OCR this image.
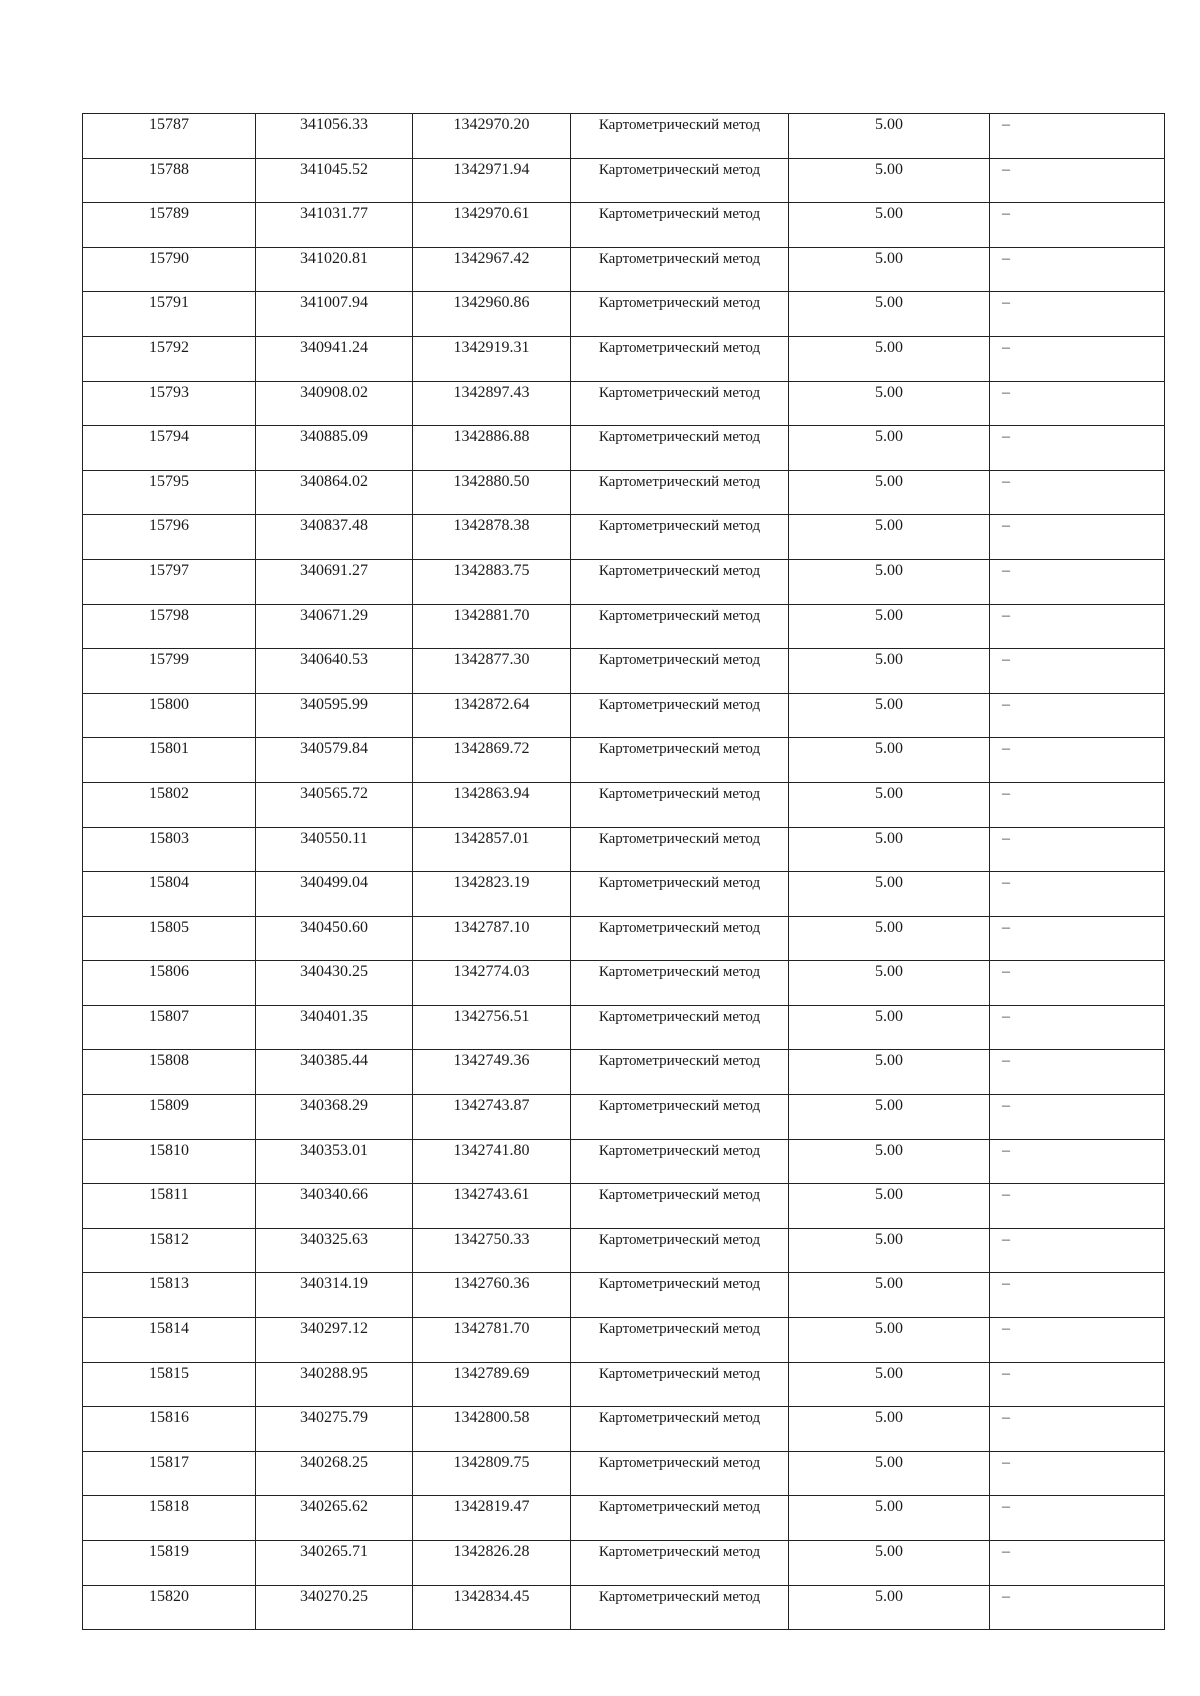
15787	341056.33	1342970.20	Картометрический метод	5.00	–
15788	341045.52	1342971.94	Картометрический метод	5.00	–
15789	341031.77	1342970.61	Картометрический метод	5.00	–
15790	341020.81	1342967.42	Картометрический метод	5.00	–
15791	341007.94	1342960.86	Картометрический метод	5.00	–
15792	340941.24	1342919.31	Картометрический метод	5.00	–
15793	340908.02	1342897.43	Картометрический метод	5.00	–
15794	340885.09	1342886.88	Картометрический метод	5.00	–
15795	340864.02	1342880.50	Картометрический метод	5.00	–
15796	340837.48	1342878.38	Картометрический метод	5.00	–
15797	340691.27	1342883.75	Картометрический метод	5.00	–
15798	340671.29	1342881.70	Картометрический метод	5.00	–
15799	340640.53	1342877.30	Картометрический метод	5.00	–
15800	340595.99	1342872.64	Картометрический метод	5.00	–
15801	340579.84	1342869.72	Картометрический метод	5.00	–
15802	340565.72	1342863.94	Картометрический метод	5.00	–
15803	340550.11	1342857.01	Картометрический метод	5.00	–
15804	340499.04	1342823.19	Картометрический метод	5.00	–
15805	340450.60	1342787.10	Картометрический метод	5.00	–
15806	340430.25	1342774.03	Картометрический метод	5.00	–
15807	340401.35	1342756.51	Картометрический метод	5.00	–
15808	340385.44	1342749.36	Картометрический метод	5.00	–
15809	340368.29	1342743.87	Картометрический метод	5.00	–
15810	340353.01	1342741.80	Картометрический метод	5.00	–
15811	340340.66	1342743.61	Картометрический метод	5.00	–
15812	340325.63	1342750.33	Картометрический метод	5.00	–
15813	340314.19	1342760.36	Картометрический метод	5.00	–
15814	340297.12	1342781.70	Картометрический метод	5.00	–
15815	340288.95	1342789.69	Картометрический метод	5.00	–
15816	340275.79	1342800.58	Картометрический метод	5.00	–
15817	340268.25	1342809.75	Картометрический метод	5.00	–
15818	340265.62	1342819.47	Картометрический метод	5.00	–
15819	340265.71	1342826.28	Картометрический метод	5.00	–
15820	340270.25	1342834.45	Картометрический метод	5.00	–
